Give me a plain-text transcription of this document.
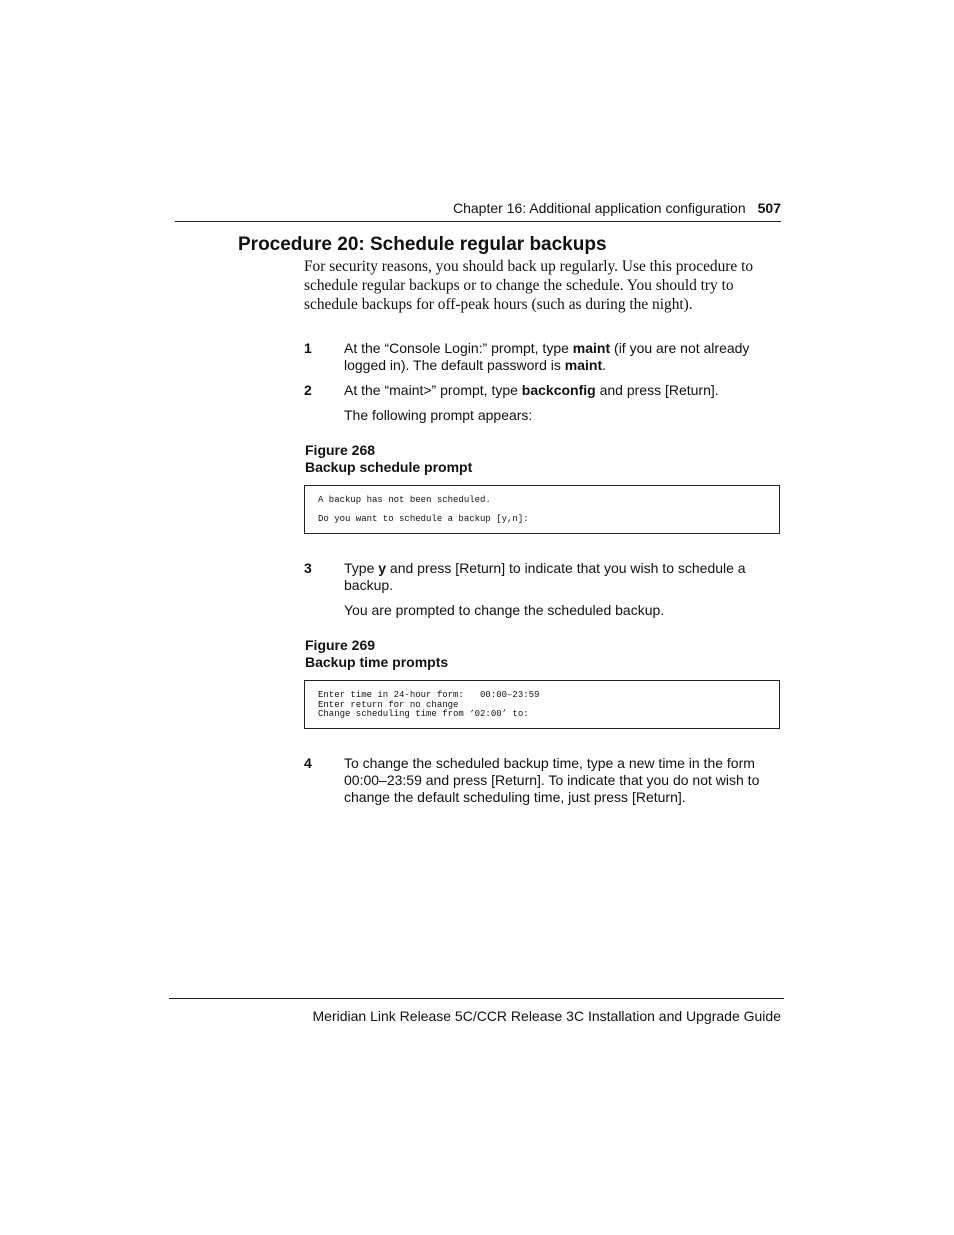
Chapter 16: Additional application configuration 507
Procedure 20: Schedule regular backups

For security reasons, you should back up regularly. Use this procedure to schedule regular backups or to change the schedule. You should try to schedule backups for off-peak hours (such as during the night).

1 At the “Console Login:” prompt, type maint (if you are not already logged in). The default password is maint.
2 At the “maint>” prompt, type backconfig and press [Return].
The following prompt appears:
Figure 268
Backup schedule prompt
A backup has not been scheduled.
Do you want to schedule a backup [y,n]:
3 Type y and press [Return] to indicate that you wish to schedule a backup.
You are prompted to change the scheduled backup.
Figure 269
Backup time prompts
Enter time in 24-hour form:   00:00–23:59
Enter return for no change
Change scheduling time from ‘02:00’ to:
4 To change the scheduled backup time, type a new time in the form 00:00–23:59 and press [Return]. To indicate that you do not wish to change the default scheduling time, just press [Return].
Meridian Link Release 5C/CCR Release 3C Installation and Upgrade Guide
